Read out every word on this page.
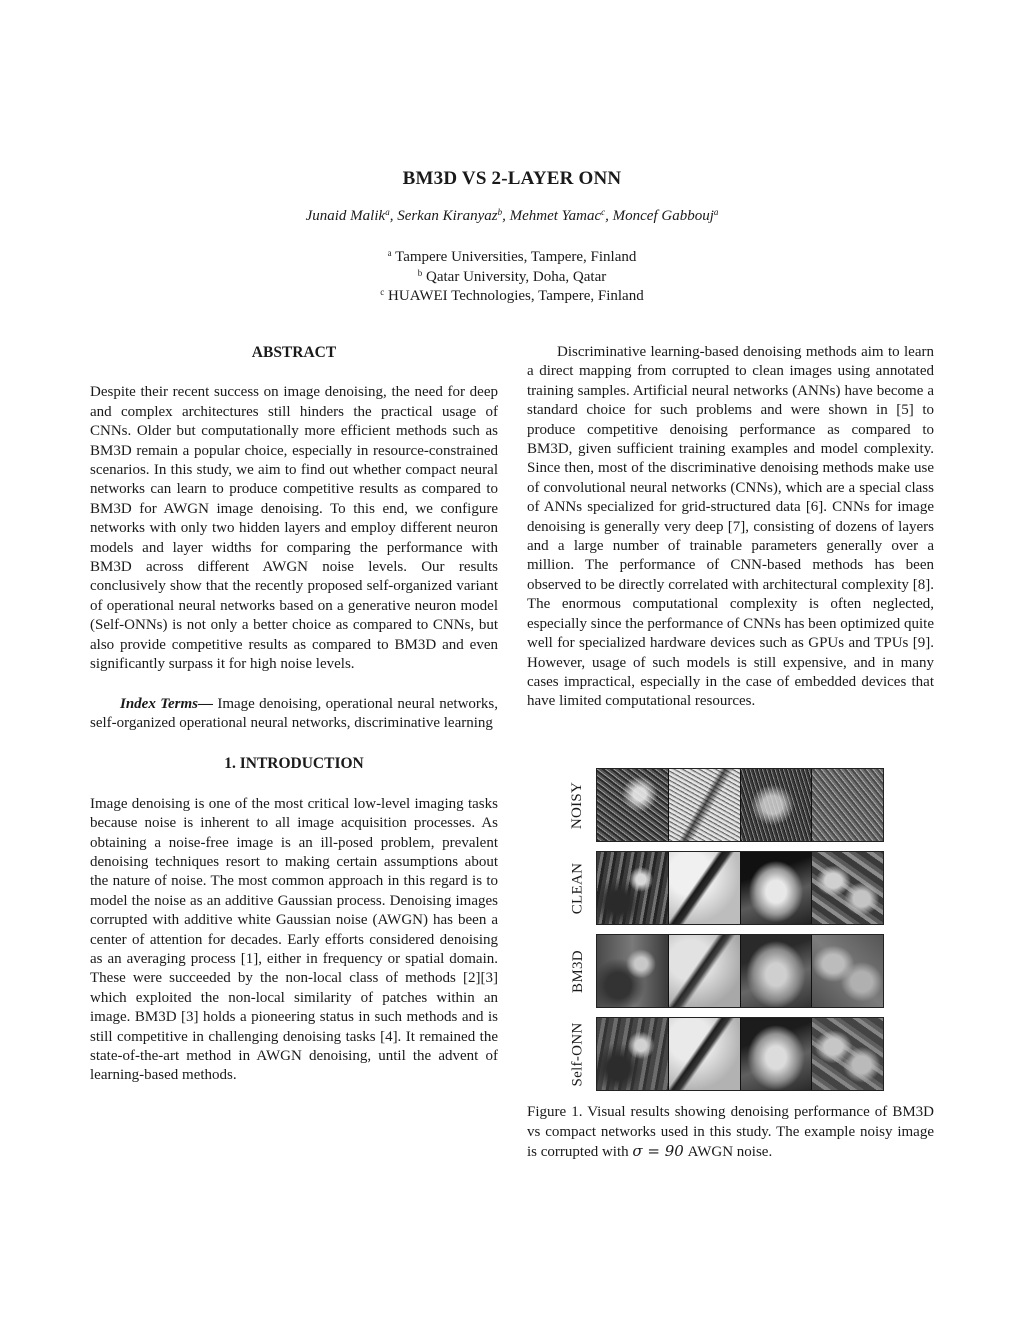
BM3D VS 2-LAYER ONN
Junaid Malik$^a$, Serkan Kiranyaz$^b$, Mehmet Yamac$^c$, Moncef Gabbouj$^a$
$^a$ Tampere Universities, Tampere, Finland
$^b$ Qatar University, Doha, Qatar
$^c$ HUAWEI Technologies, Tampere, Finland

ABSTRACT

Despite their recent success on image denoising, the need for deep and complex architectures still hinders the practical usage of CNNs. Older but computationally more efficient methods such as BM3D remain a popular choice, especially in resource-constrained scenarios. In this study, we aim to find out whether compact neural networks can learn to produce competitive results as compared to BM3D for AWGN image denoising. To this end, we configure networks with only two hidden layers and employ different neuron models and layer widths for comparing the performance with BM3D across different AWGN noise levels. Our results conclusively show that the recently proposed self-organized variant of operational neural networks based on a generative neuron model (Self-ONNs) is not only a better choice as compared to CNNs, but also provide competitive results as compared to BM3D and even significantly surpass it for high noise levels.

Index Terms— Image denoising, operational neural networks, self-organized operational neural networks, discriminative learning

1. INTRODUCTION

Image denoising is one of the most critical low-level imaging tasks because noise is inherent to all image acquisition processes. As obtaining a noise-free image is an ill-posed problem, prevalent denoising techniques resort to making certain assumptions about the nature of noise. The most common approach in this regard is to model the noise as an additive Gaussian process. Denoising images corrupted with additive white Gaussian noise (AWGN) has been a center of attention for decades. Early efforts considered denoising as an averaging process [1], either in frequency or spatial domain. These were succeeded by the non-local class of methods [2][3] which exploited the non-local similarity of patches within an image. BM3D [3] holds a pioneering status in such methods and is still competitive in challenging denoising tasks [4]. It remained the state-of-the-art method in AWGN denoising, until the advent of learning-based methods.

Discriminative learning-based denoising methods aim to learn a direct mapping from corrupted to clean images using annotated training samples. Artificial neural networks (ANNs) have become a standard choice for such problems and were shown in [5] to produce competitive denoising performance as compared to BM3D, given sufficient training examples and model complexity. Since then, most of the discriminative denoising methods make use of convolutional neural networks (CNNs), which are a special class of ANNs specialized for grid-structured data [6]. CNNs for image denoising is generally very deep [7], consisting of dozens of layers and a large number of trainable parameters generally over a million. The performance of CNN-based methods has been observed to be directly correlated with architectural complexity [8]. The enormous computational complexity is often neglected, especially since the performance of CNNs has been optimized quite well for specialized hardware devices such as GPUs and TPUs [9]. However, usage of such models is still expensive, and in many cases impractical, especially in the case of embedded devices that have limited computational resources.

NOISY
CLEAN
BM3D
Self-ONN
Figure 1. Visual results showing denoising performance of BM3D vs compact networks used in this study. The example noisy image is corrupted with σ = 90 AWGN noise.
